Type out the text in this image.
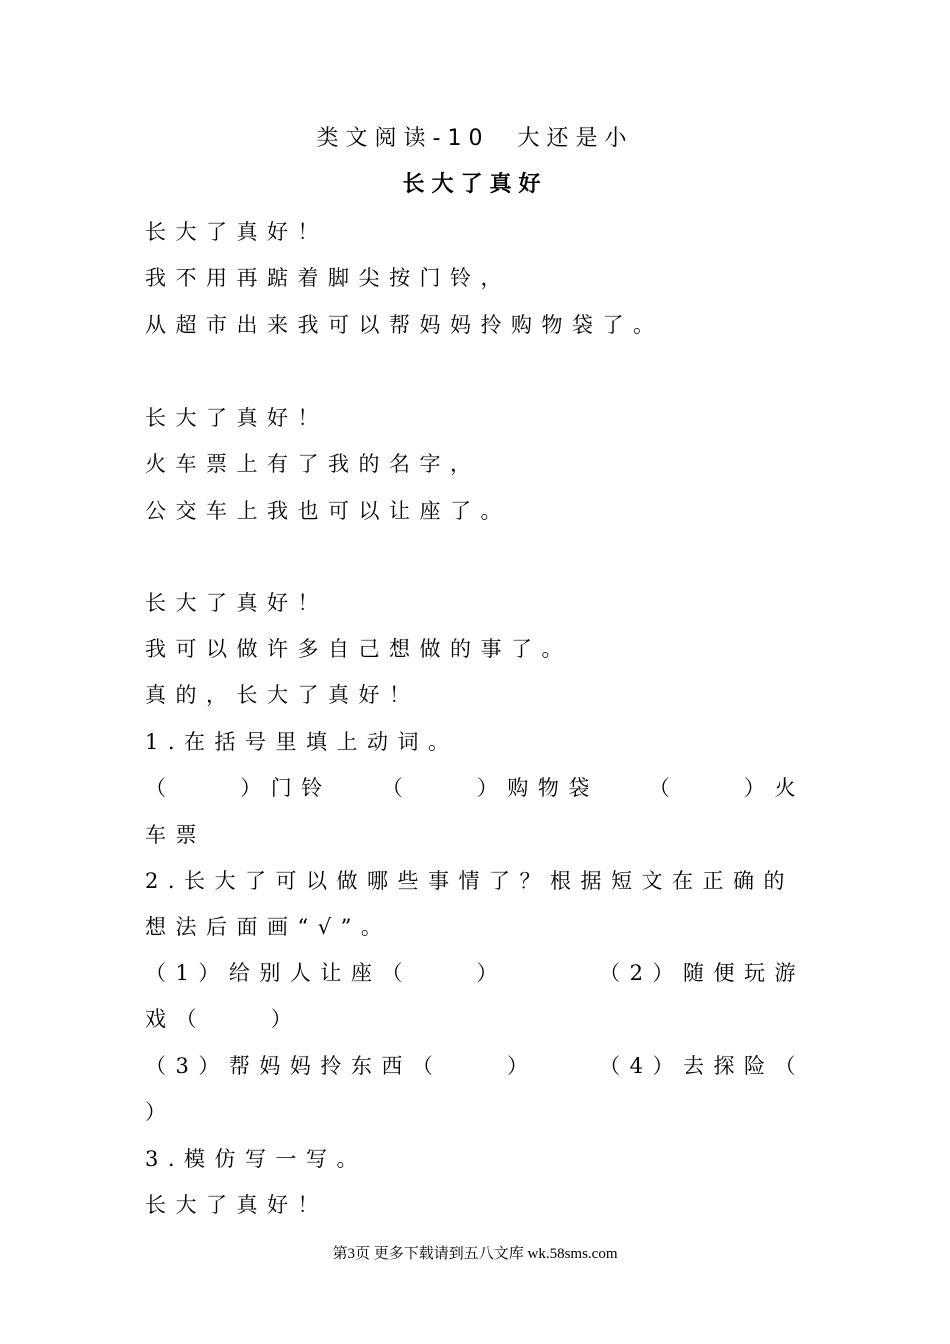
类文阅读-10  大还是小
长大了真好
长大了真好！
我不用再踮着脚尖按门铃，
从超市出来我可以帮妈妈拎购物袋了。
长大了真好！
火车票上有了我的名字，
公交车上我也可以让座了。
长大了真好！
我可以做许多自己想做的事了。
真的，长大了真好！
1.在括号里填上动词。
（    ）门铃 （    ）购物袋 （    ）火
车票
2.长大了可以做哪些事情了？根据短文在正确的
想法后面画“√”。
（1）给别人让座（    ）	（2）随便玩游
戏（    ）
（3）帮妈妈拎东西（    ）	（4）去探险（
）
3.模仿写一写。
长大了真好！
第3页 更多下载请到五八文库 wk.58sms.com
